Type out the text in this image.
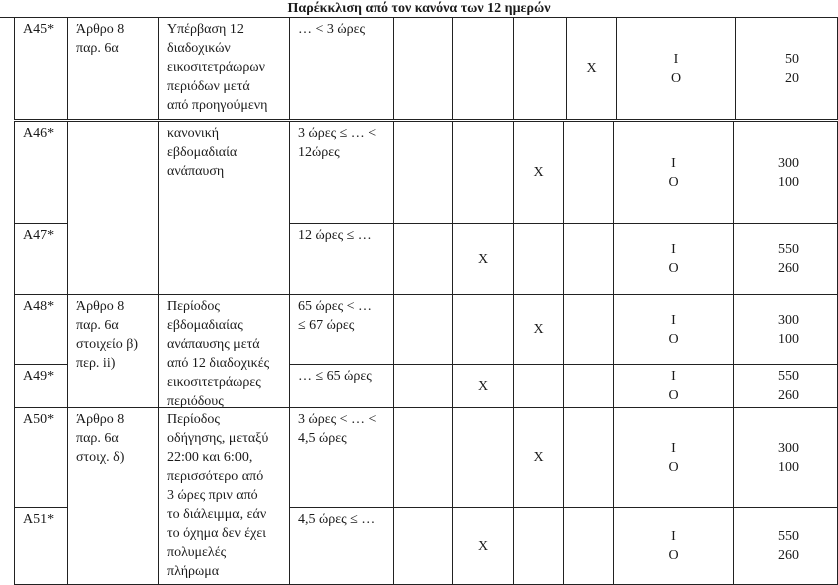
Παρέκκλιση από τον κανόνα των 12 ημερών
A45*	Άρθρο 8
παρ. 6α
Υπέρβαση 12
διαδοχικών
εικοσιτετράωρων
περιόδων μετά
από προηγούμενη
… < 3 ώρες
X
I
O
50
20
A46*
A47*
κανονική
εβδομαδιαία
ανάπαυση
3 ώρες ≤ … <
12ώρες
X
I
O
300
100
12 ώρες ≤ …
X
I
O
550
260
A48*
A49*
Άρθρο 8
παρ. 6α
στοιχείο β)
περ. ii)
Περίοδος
εβδομαδιαίας
ανάπαυσης μετά
από 12 διαδοχικές
εικοσιτετράωρες
περιόδους
65 ώρες < …
≤ 67 ώρες	X
I
O
300
100
… ≤ 65 ώρες
X
I
O
550
260
A50*
A51*
Άρθρο 8
παρ. 6α
στοιχ. δ)
Περίοδος
οδήγησης, μεταξύ
22:00 και 6:00,
περισσότερο από
3 ώρες πριν από
το διάλειμμα, εάν
το όχημα δεν έχει
πολυμελές
πλήρωμα
3 ώρες < … <
4,5 ώρες
X
I
O
300
100
4,5 ώρες ≤ …
X
I
O
550
260
